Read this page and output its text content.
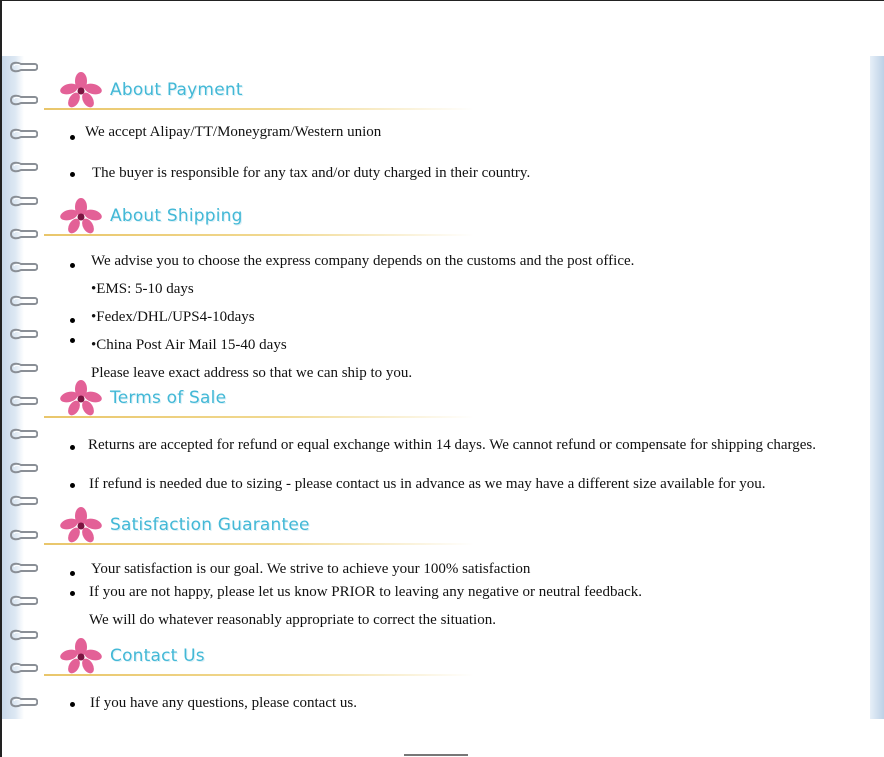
About Payment
We accept Alipay/TT/Moneygram/Western union
The buyer is responsible for any tax and/or duty charged in their country.
About Shipping
We advise you to choose the express company depends on the customs and the post office.
•EMS: 5-10 days
•Fedex/DHL/UPS4-10days
•China Post Air Mail 15-40 days
Please leave exact address so that we can ship to you.
Terms of Sale
Returns are accepted for refund or equal exchange within 14 days. We cannot refund or compensate for shipping charges.
If refund is needed due to sizing - please contact us in advance as we may have a different size available for you.
Satisfaction Guarantee
Your satisfaction is our goal. We strive to achieve your 100% satisfaction
If you are not happy, please let us know PRIOR to leaving any negative or neutral feedback.
We will do whatever reasonably appropriate to correct the situation.
Contact Us
If you have any questions, please contact us.
